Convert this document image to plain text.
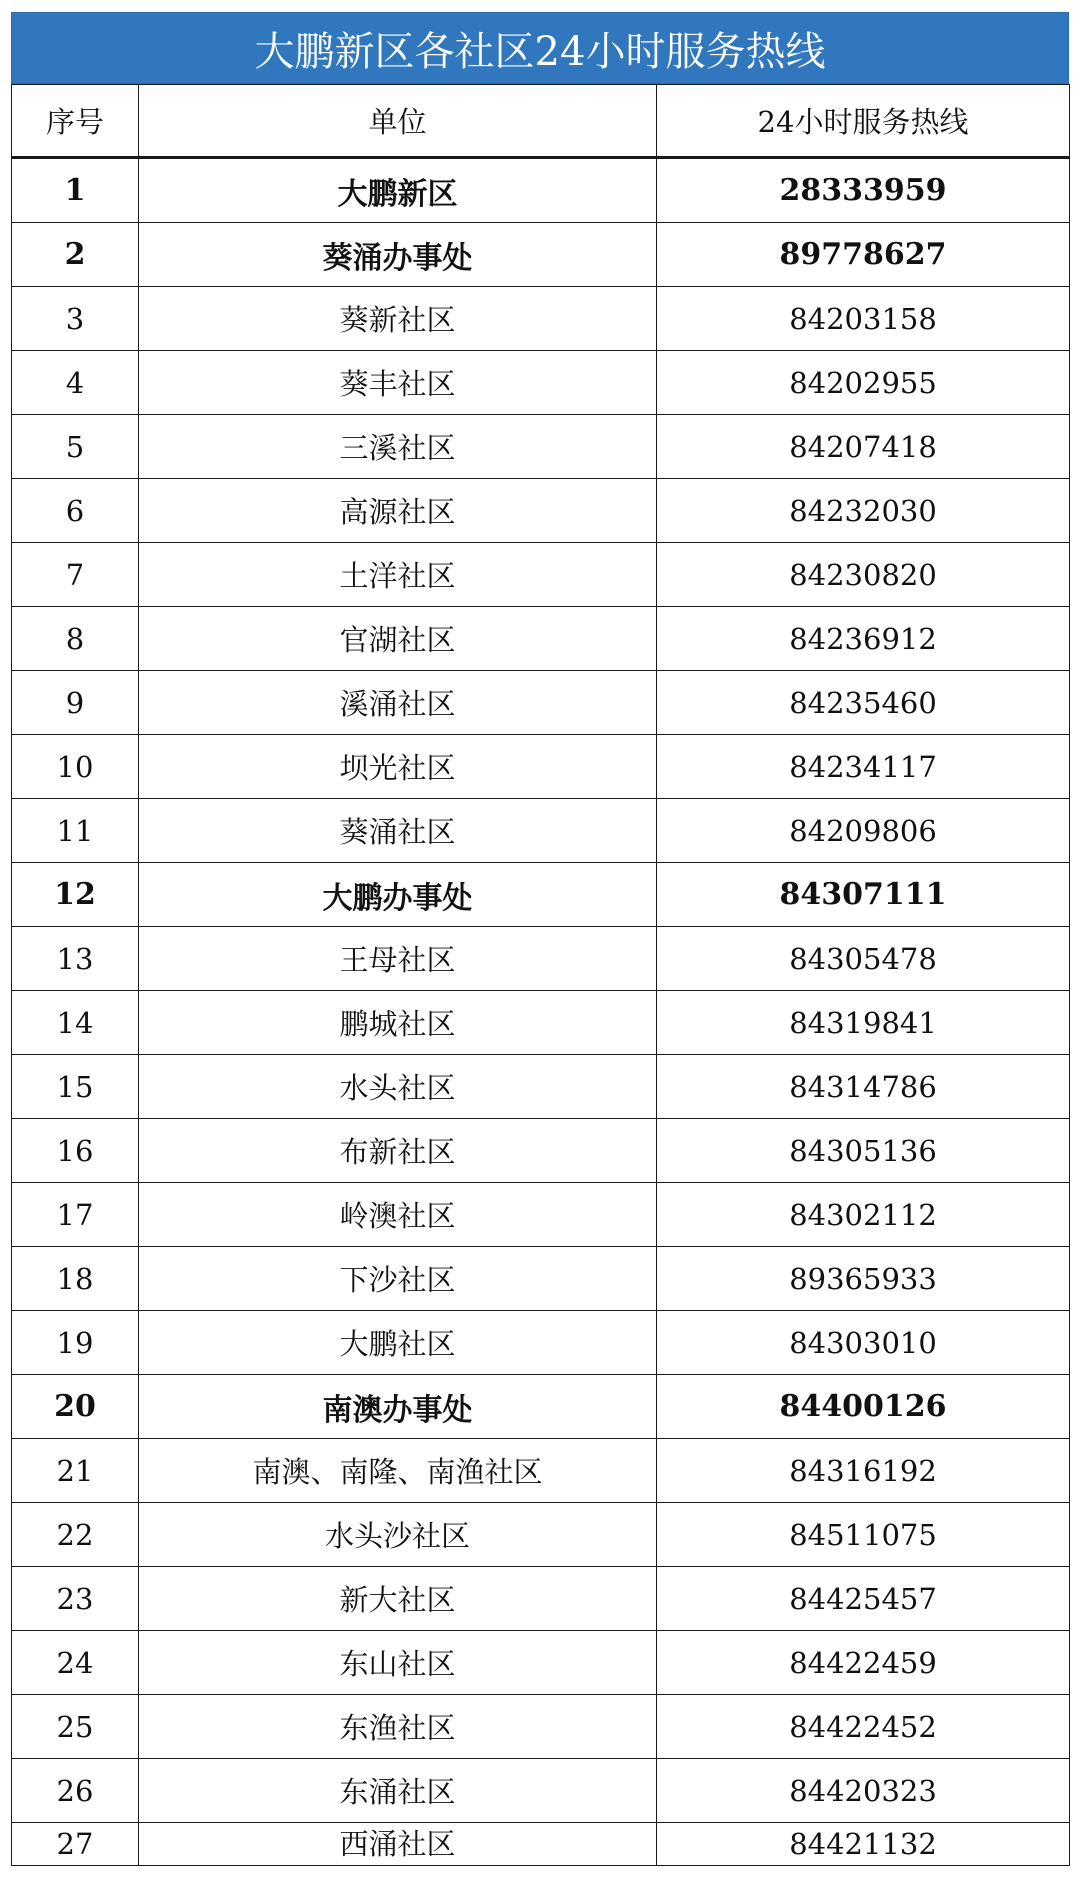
大鹏新区各社区24小时服务热线
序号	单位	24小时服务热线
1	大鹏新区	28333959
2	葵涌办事处	89778627
3	葵新社区	84203158
4	葵丰社区	84202955
5	三溪社区	84207418
6	高源社区	84232030
7	土洋社区	84230820
8	官湖社区	84236912
9	溪涌社区	84235460
10	坝光社区	84234117
11	葵涌社区	84209806
12	大鹏办事处	84307111
13	王母社区	84305478
14	鹏城社区	84319841
15	水头社区	84314786
16	布新社区	84305136
17	岭澳社区	84302112
18	下沙社区	89365933
19	大鹏社区	84303010
20	南澳办事处	84400126
21	南澳、南隆、南渔社区	84316192
22	水头沙社区	84511075
23	新大社区	84425457
24	东山社区	84422459
25	东渔社区	84422452
26	东涌社区	84420323
27	西涌社区	84421132
